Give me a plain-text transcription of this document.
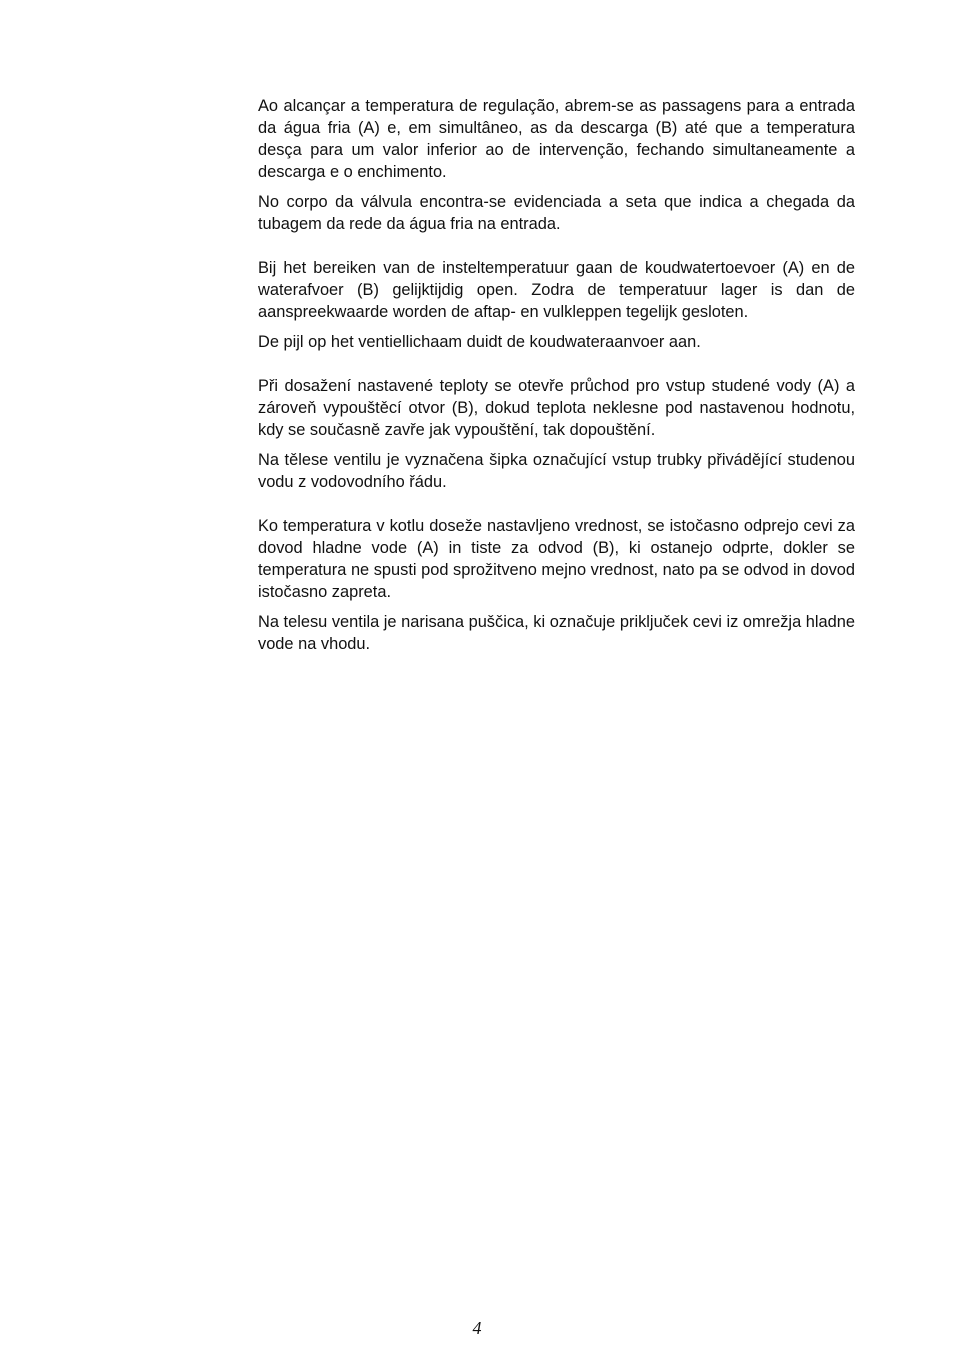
Ao alcançar a temperatura de regulação, abrem-se as passagens para a entrada da água fria (A) e, em simultâneo, as da descarga (B) até que a temperatura desça para um valor inferior ao de intervenção, fechando simultaneamente a descarga e o enchimento.

No corpo da válvula encontra-se evidenciada a seta que indica a chegada da tubagem da rede da água fria na entrada.

Bij het bereiken van de insteltemperatuur gaan de koudwatertoevoer (A) en de waterafvoer (B) gelijktijdig open. Zodra de temperatuur lager is dan de aanspreekwaarde worden de aftap- en vulkleppen tegelijk gesloten.

De pijl op het ventiellichaam duidt de koudwateraanvoer aan.

Při dosažení nastavené teploty se otevře průchod pro vstup studené vody (A) a zároveň vypouštěcí otvor (B), dokud teplota neklesne pod nastavenou hodnotu, kdy se současně zavře jak vypouštění, tak dopouštění.

Na tělese ventilu je vyznačena šipka označující vstup trubky přivádějící studenou vodu z vodovodního řádu.

Ko temperatura v kotlu doseže nastavljeno vrednost, se istočasno odprejo cevi za dovod hladne vode (A) in tiste za odvod (B), ki ostanejo odprte, dokler se temperatura ne spusti pod sprožitveno mejno vrednost, nato pa se odvod in dovod istočasno zapreta.

Na telesu ventila je narisana puščica, ki označuje priključek cevi iz omrežja hladne vode na vhodu.

4
